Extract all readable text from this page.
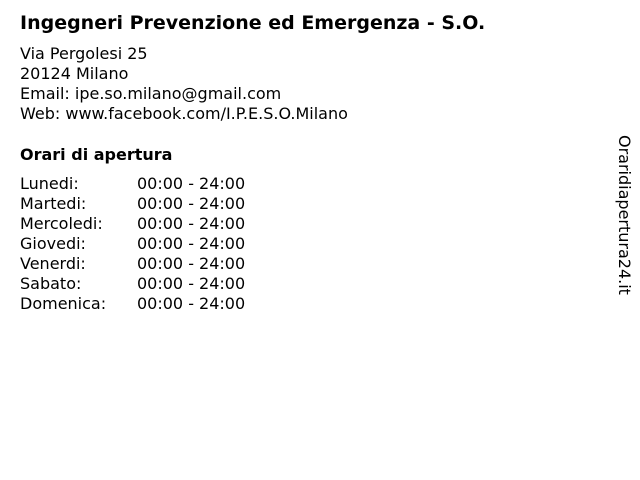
Ingegneri Prevenzione ed Emergenza - S.O.
Via Pergolesi 25
20124 Milano
Email: ipe.so.milano@gmail.com
Web: www.facebook.com/I.P.E.S.O.Milano
Orari di apertura
Lunedi:	00:00 - 24:00
Martedi:	00:00 - 24:00
Mercoledi:	00:00 - 24:00
Giovedi:	00:00 - 24:00
Venerdi:	00:00 - 24:00
Sabato:	00:00 - 24:00
Domenica:	00:00 - 24:00
Oraridiapertura24.it
